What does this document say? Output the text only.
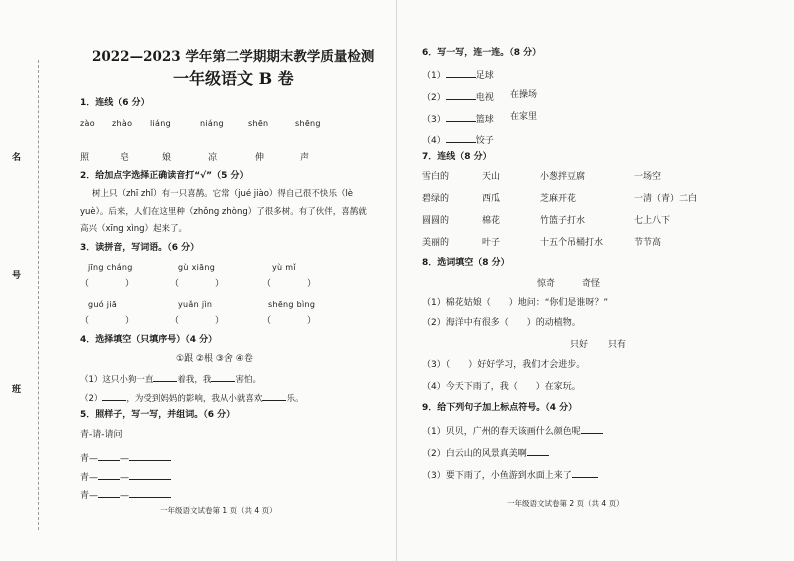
名
号
班
2022—2023 学年第二学期期末教学质量检测
一年级语文 B 卷
1．连线（6 分）
zào zhào liáng	niáng	shēn	shēng
照	皂	娘	凉	伸	声
2．给加点字选择正确读音打“√”（5 分）
树上只（zhī zhǐ）有一只喜鹊。它常（jué jiào）得自己很不快乐（lè
yuè）。后来，人们在这里种（zhǒng zhòng）了很多树。有了伙伴，喜鹊就
高兴（xīng xìng）起来了。
3．读拼音，写词语。（6 分）
jīng cháng	gù xiāng	yù mǐ
（　　　　）	（　　　　）	（　　　　）
guó jiā	yuǎn jìn	shēng bìng
（　　　　）	（　　　　）	（　　　　）
4．选择填空（只填序号）（4 分）
①跟 ②根 ③舍 ④卷
（1）这只小狗一直	着我，我	害怕。
（2）	，为受到妈妈的影响，我从小就喜欢	乐。
5．照样子，写一写，并组词。（6 分）
青-请-请问
青— —
青— —
青— —
一年级语文试卷第 1 页（共 4 页）
6．写一写，连一连。（8 分）
（1）	足球
（2）	电视 在操场
（3）	篮球 在家里
（4）	饺子
7．连线（8 分）
雪白的	天山	小葱拌豆腐	一场空
碧绿的	西瓜	芝麻开花	一清（青）二白
圆圆的	棉花	竹篮子打水	七上八下
美丽的	叶子	十五个吊桶打水	节节高
8．选词填空（8 分）
惊奇	奇怪
（1）棉花姑娘（　　）地问：“你们是谁呀？”
（2）海洋中有很多（　　）的动植物。
只好 只有
（3）（　　）好好学习，我们才会进步。
（4）今天下雨了，我（　　）在家玩。
9．给下列句子加上标点符号。（4 分）
（1）贝贝，广州的春天该画什么颜色呢
（2）白云山的风景真美啊
（3）要下雨了，小鱼游到水面上来了
一年级语文试卷第 2 页（共 4 页）
